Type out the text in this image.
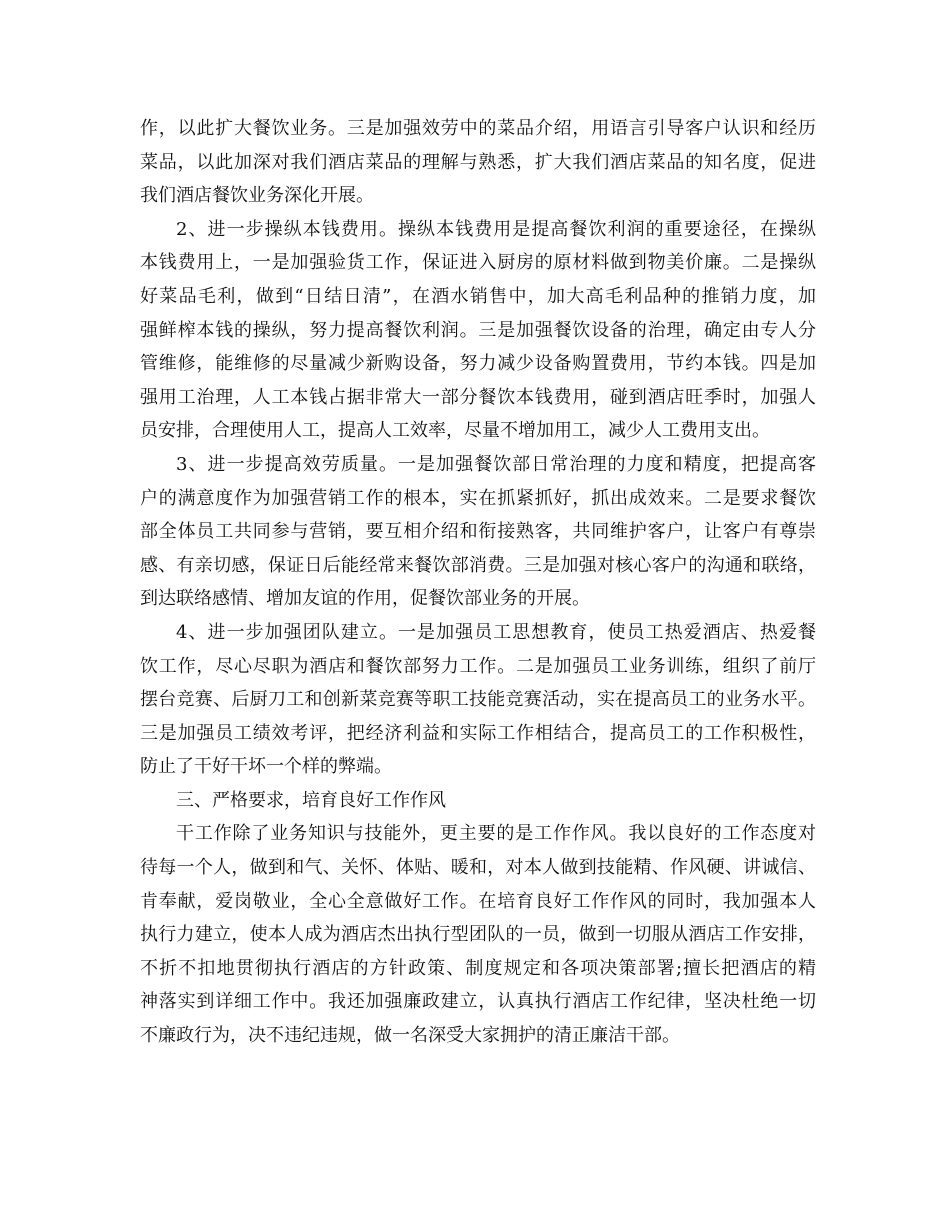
作，以此扩大餐饮业务。三是加强效劳中的菜品介绍，用语言引导客户认识和经历
菜品，以此加深对我们酒店菜品的理解与熟悉，扩大我们酒店菜品的知名度，促进
我们酒店餐饮业务深化开展。
2、进一步操纵本钱费用。操纵本钱费用是提高餐饮利润的重要途径，在操纵
本钱费用上，一是加强验货工作，保证进入厨房的原材料做到物美价廉。二是操纵
好菜品毛利，做到“日结日清”，在酒水销售中，加大高毛利品种的推销力度，加
强鲜榨本钱的操纵，努力提高餐饮利润。三是加强餐饮设备的治理，确定由专人分
管维修，能维修的尽量减少新购设备，努力减少设备购置费用，节约本钱。四是加
强用工治理，人工本钱占据非常大一部分餐饮本钱费用，碰到酒店旺季时，加强人
员安排，合理使用人工，提高人工效率，尽量不增加用工，减少人工费用支出。
3、进一步提高效劳质量。一是加强餐饮部日常治理的力度和精度，把提高客
户的满意度作为加强营销工作的根本，实在抓紧抓好，抓出成效来。二是要求餐饮
部全体员工共同参与营销，要互相介绍和衔接熟客，共同维护客户，让客户有尊崇
感、有亲切感，保证日后能经常来餐饮部消费。三是加强对核心客户的沟通和联络，
到达联络感情、增加友谊的作用，促餐饮部业务的开展。
4、进一步加强团队建立。一是加强员工思想教育，使员工热爱酒店、热爱餐
饮工作，尽心尽职为酒店和餐饮部努力工作。二是加强员工业务训练，组织了前厅
摆台竞赛、后厨刀工和创新菜竞赛等职工技能竞赛活动，实在提高员工的业务水平。
三是加强员工绩效考评，把经济利益和实际工作相结合，提高员工的工作积极性，
防止了干好干坏一个样的弊端。
三、严格要求，培育良好工作作风
干工作除了业务知识与技能外，更主要的是工作作风。我以良好的工作态度对
待每一个人，做到和气、关怀、体贴、暖和，对本人做到技能精、作风硬、讲诚信、
肯奉献，爱岗敬业，全心全意做好工作。在培育良好工作作风的同时，我加强本人
执行力建立，使本人成为酒店杰出执行型团队的一员，做到一切服从酒店工作安排，
不折不扣地贯彻执行酒店的方针政策、制度规定和各项决策部署;擅长把酒店的精
神落实到详细工作中。我还加强廉政建立，认真执行酒店工作纪律，坚决杜绝一切
不廉政行为，决不违纪违规，做一名深受大家拥护的清正廉洁干部。
